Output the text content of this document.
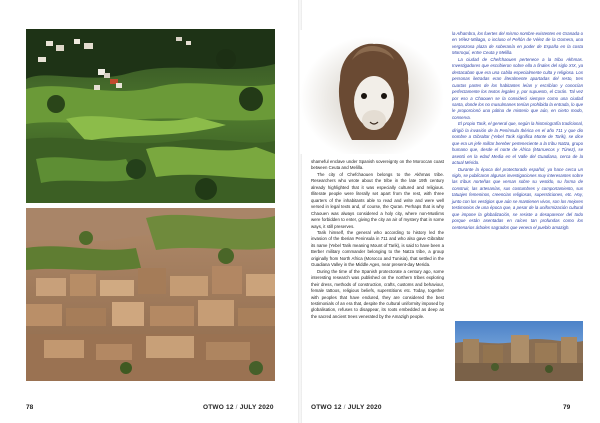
shameful enclave under Spanish sovereignty on the Moroccan coast between Ceuta and Melilla.

The city of Chefchaouen belongs to the Akhmas tribe. Researchers who wrote about the tribe in the late 19th century already highlighted that it was especially cultured and religious. Illiterate people were literally set apart from the rest, with three quarters of the inhabitants able to read and write and were well versed in legal texts and, of course, the Quran. Perhaps that is why Chaouen was always considered a holy city, where non-Muslims were forbidden to enter, giving the city an air of mystery that in some ways, it still preserves.

Tarik himself, the general who according to history led the invasion of the Iberian Peninsula in 711 and who also gave Gibraltar its name (Yebel Tarik meaning Mount of Tarik), is said to have been a Berber military commander belonging to the Natza tribe, a group originally from North Africa (Morocco and Tunisia), that settled in the Guadiana Valley in the Middle Ages, near present-day Merida.

During the time of the Spanish protectorate a century ago, some interesting research was published on the northern tribes exploring their dress, methods of construction, crafts, customs and behaviour, female tattoos, religious beliefs, superstitions etc. Today, together with peoples that have endured, they are considered the best testimonials of an era that, despite the cultural uniformity imposed by globalisation, refuses to disappear, its roots embedded as deep as the sacred ancient trees venerated by the Amazigh people.

la Alhambra, los fuertes del mismo nombre existentes en Granada o en Vélez-Málaga, o incluso el Peñón de Vélez de la Gomera, una vergonzosa plaza de soberanía en poder de España en la costa Marroquí, entre Ceuta y Melilla.

La ciudad de Chefchaouen pertenece a la tribu Akhmas. Investigadores que escribieron sobre ella a finales del siglo XIX, ya destacaban que era una cabila especialmente culta y religiosa. Los personas iletradas eran literalmente apartadas del resto, tres cuartas partes de los habitantes leían y escribían y conocían perfectamente los textos legales y, por supuesto, el Corán. Tal vez por eso a Chaouen se la consideró siempre como una ciudad santa, donde los no musulmanes tenían prohibida la entrada, lo que le proporcionó una pátina de misterio que aún, en cierto modo, conserva.

El propio Tarik, el general que, según la historiografía tradicional, dirigió la invasión de la Península Ibérica en el año 711 y que dio nombre a Gibraltar (Yebel Tarik significa Monte de Tarik), se dice que era un jefe militar bereber perteneciente a la tribu Natza, grupo humano que, desde el norte de África (Marruecos y Túnez), se asentó en la edad Media en el Valle del Guadiana, cerca de la actual Mérida.

Durante la época del protectorado español, ya hace cerca un siglo, se publicaron algunas investigaciones muy interesantes sobre las tribus norteñas que versan sobre su vestido, su forma de construir, las artesanías, sus costumbres y comportamiento, sus tatuajes femeninos, creencias religiosas, supersticiones, etc. Hoy, junto con los vestigios que aún se mantienen vivos, son los mejores testimonios de una época que, a pesar de la uniformización cultural que impone la globalización, se resiste a desaparecer del todo porque están asentadas en raíces tan profundas como los centenarios árboles sagrados que venera el pueblo amazigh.

78	OTWO 12 / JULY 2020	OTWO 12 / JULY 2020	79
